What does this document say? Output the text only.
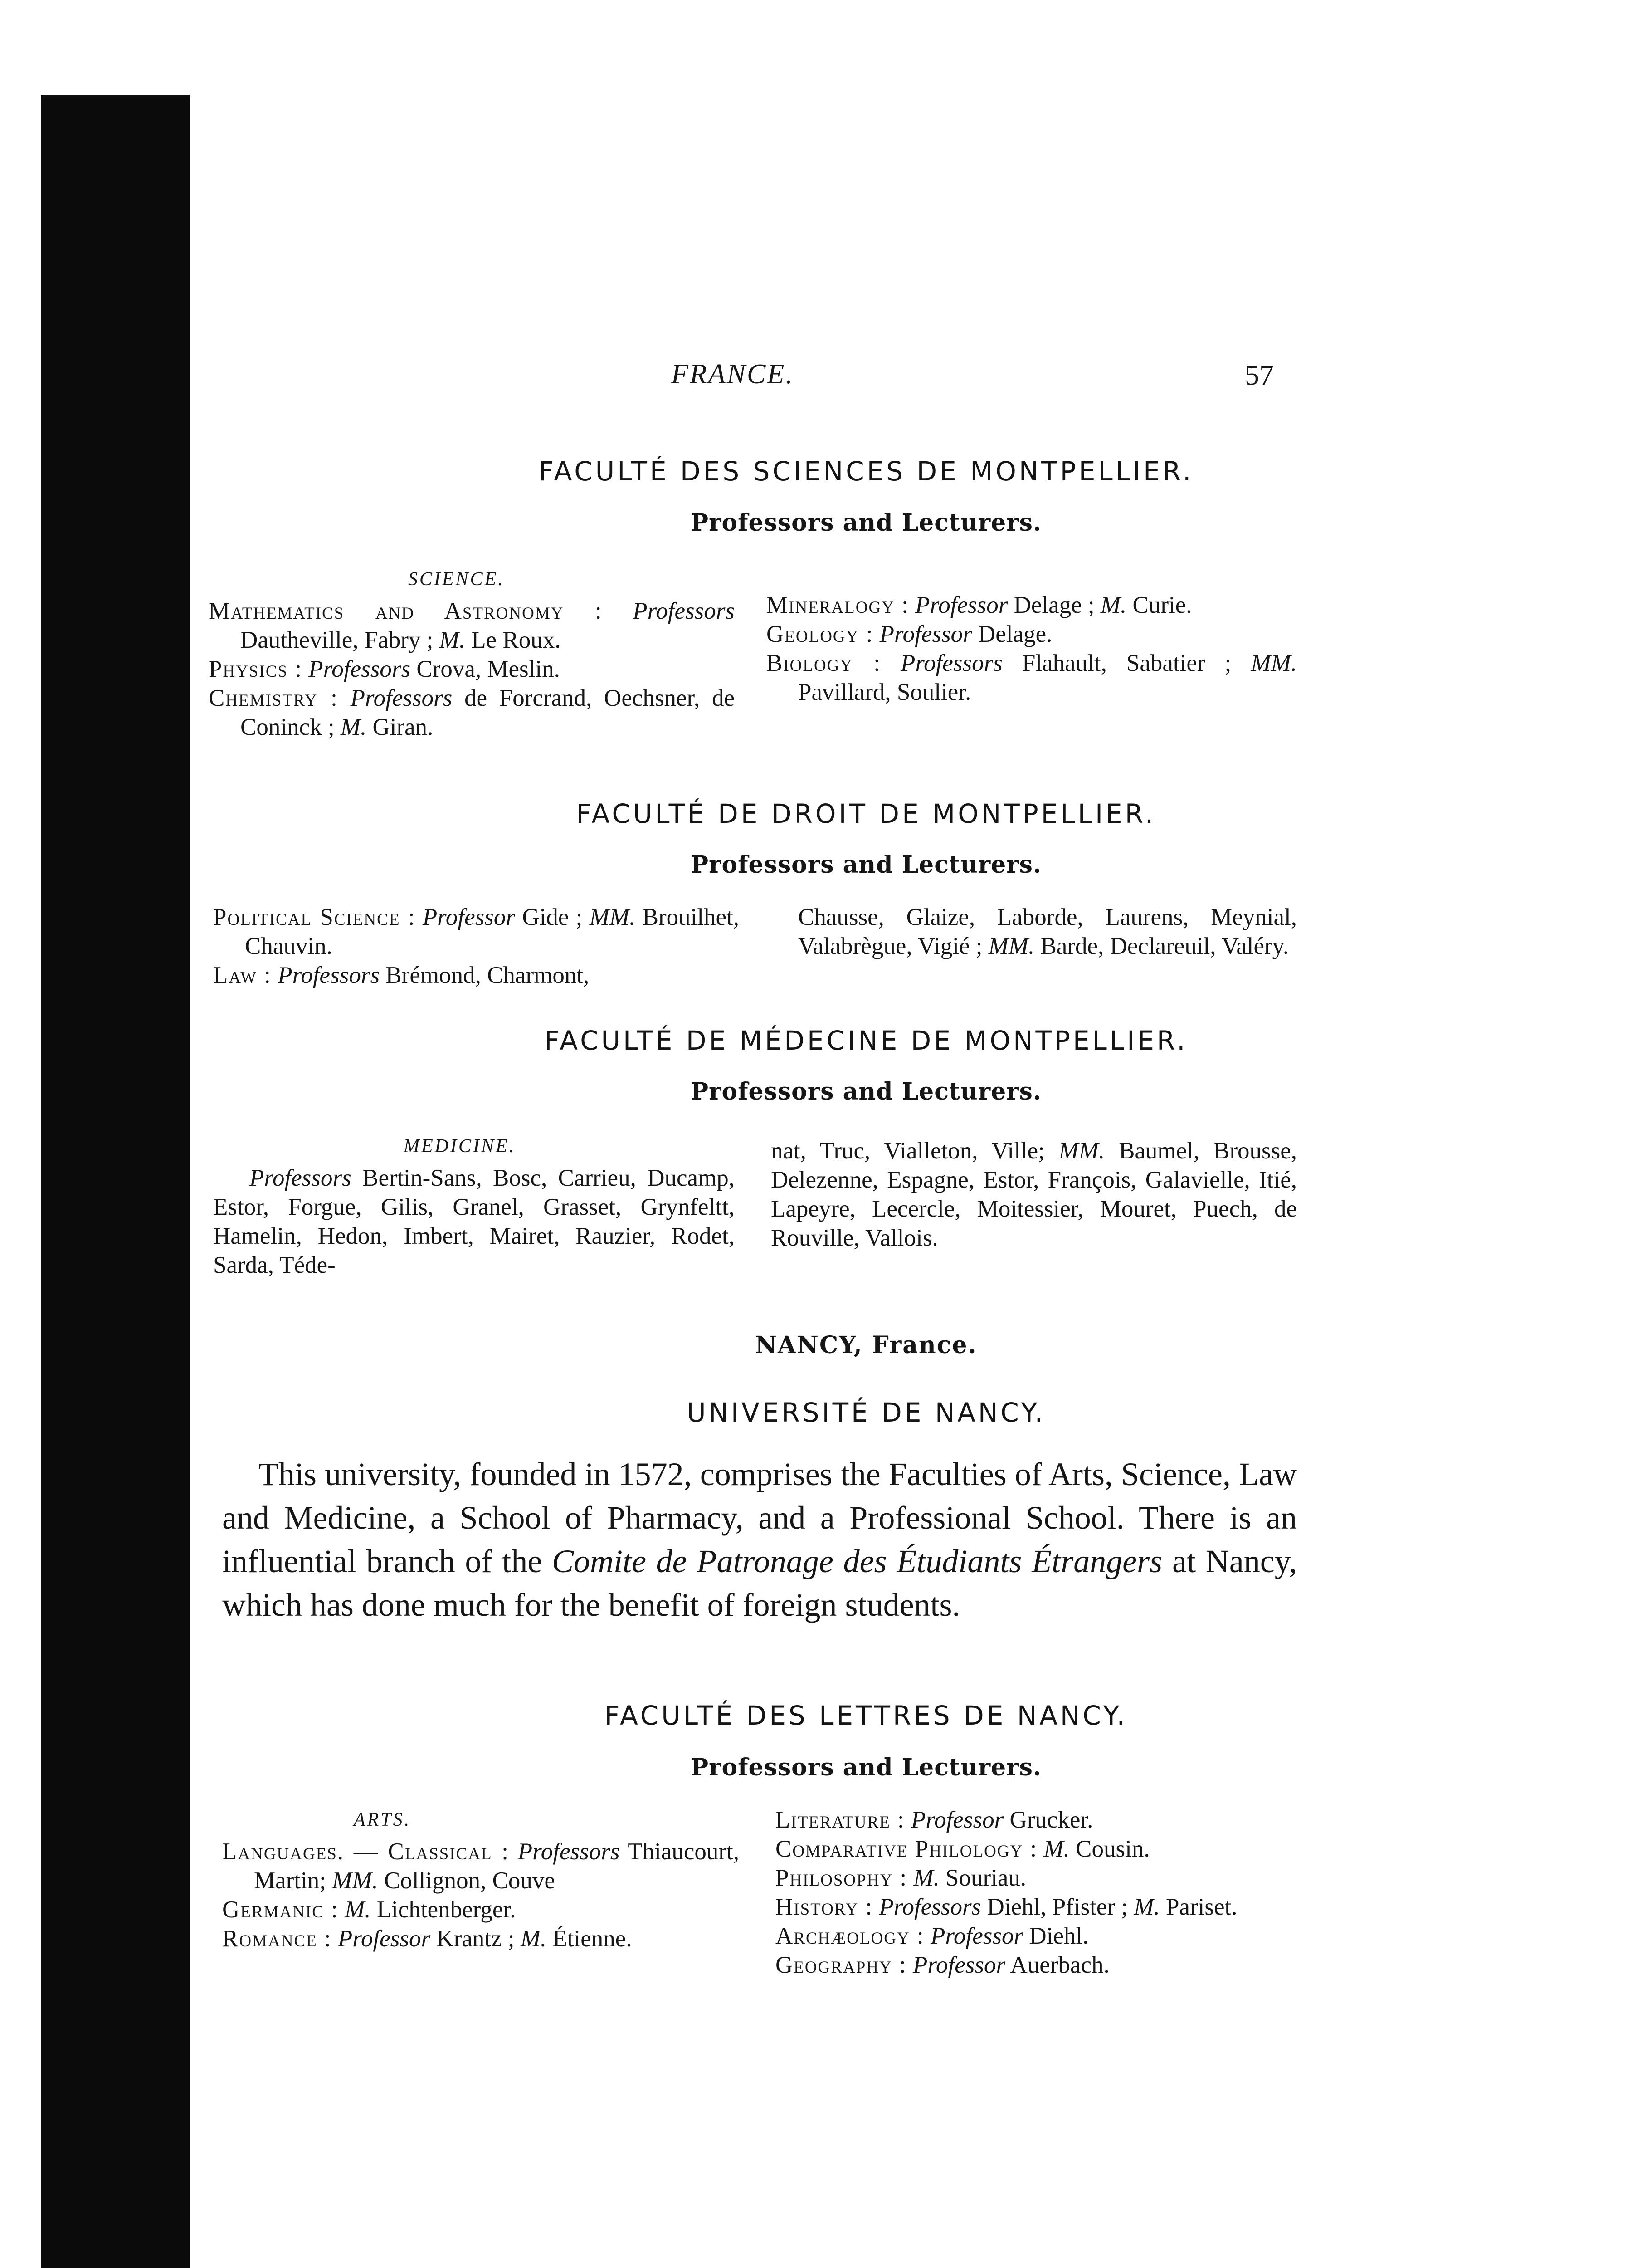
FRANCE.	57
FACULTÉ DES SCIENCES DE MONTPELLIER.
Professors and Lecturers.
SCIENCE.

Mathematics and Astronomy : Professors Dautheville, Fabry ; M. Le Roux.

Physics : Professors Crova, Meslin.

Chemistry : Professors de Forcrand, Oechsner, de Coninck ; M. Giran.

Mineralogy : Professor Delage ; M. Curie.

Geology : Professor Delage.

Biology : Professors Flahault, Sabatier ; MM. Pavillard, Soulier.

FACULTÉ DE DROIT DE MONTPELLIER.
Professors and Lecturers.

Political Science : Professor Gide ; MM. Brouilhet, Chauvin.

Law : Professors Brémond, Charmont,

Chausse, Glaize, Laborde, Laurens, Meynial, Valabrègue, Vigié ; MM. Barde, Declareuil, Valéry.

FACULTÉ DE MÉDECINE DE MONTPELLIER.
Professors and Lecturers.
MEDICINE.

Professors Bertin-Sans, Bosc, Carrieu, Ducamp, Estor, Forgue, Gilis, Granel, Grasset, Grynfeltt, Hamelin, Hedon, Imbert, Mairet, Rauzier, Rodet, Sarda, Téde-

nat, Truc, Vialleton, Ville; MM. Baumel, Brousse, Delezenne, Espagne, Estor, François, Galavielle, Itié, Lapeyre, Lecercle, Moitessier, Mouret, Puech, de Rouville, Vallois.

NANCY, France.
UNIVERSITÉ DE NANCY.

This university, founded in 1572, comprises the Faculties of Arts, Science, Law and Medicine, a School of Pharmacy, and a Professional School. There is an influential branch of the Comite de Patronage des Étudiants Étrangers at Nancy, which has done much for the benefit of foreign students.

FACULTÉ DES LETTRES DE NANCY.
Professors and Lecturers.
ARTS.

Languages. — Classical : Professors Thiaucourt, Martin; MM. Collignon, Couve

Germanic : M. Lichtenberger.

Romance : Professor Krantz ; M. Étienne.

Literature : Professor Grucker.

Comparative Philology : M. Cousin.

Philosophy : M. Souriau.

History : Professors Diehl, Pfister ; M. Pariset.

Archæology : Professor Diehl.

Geography : Professor Auerbach.
